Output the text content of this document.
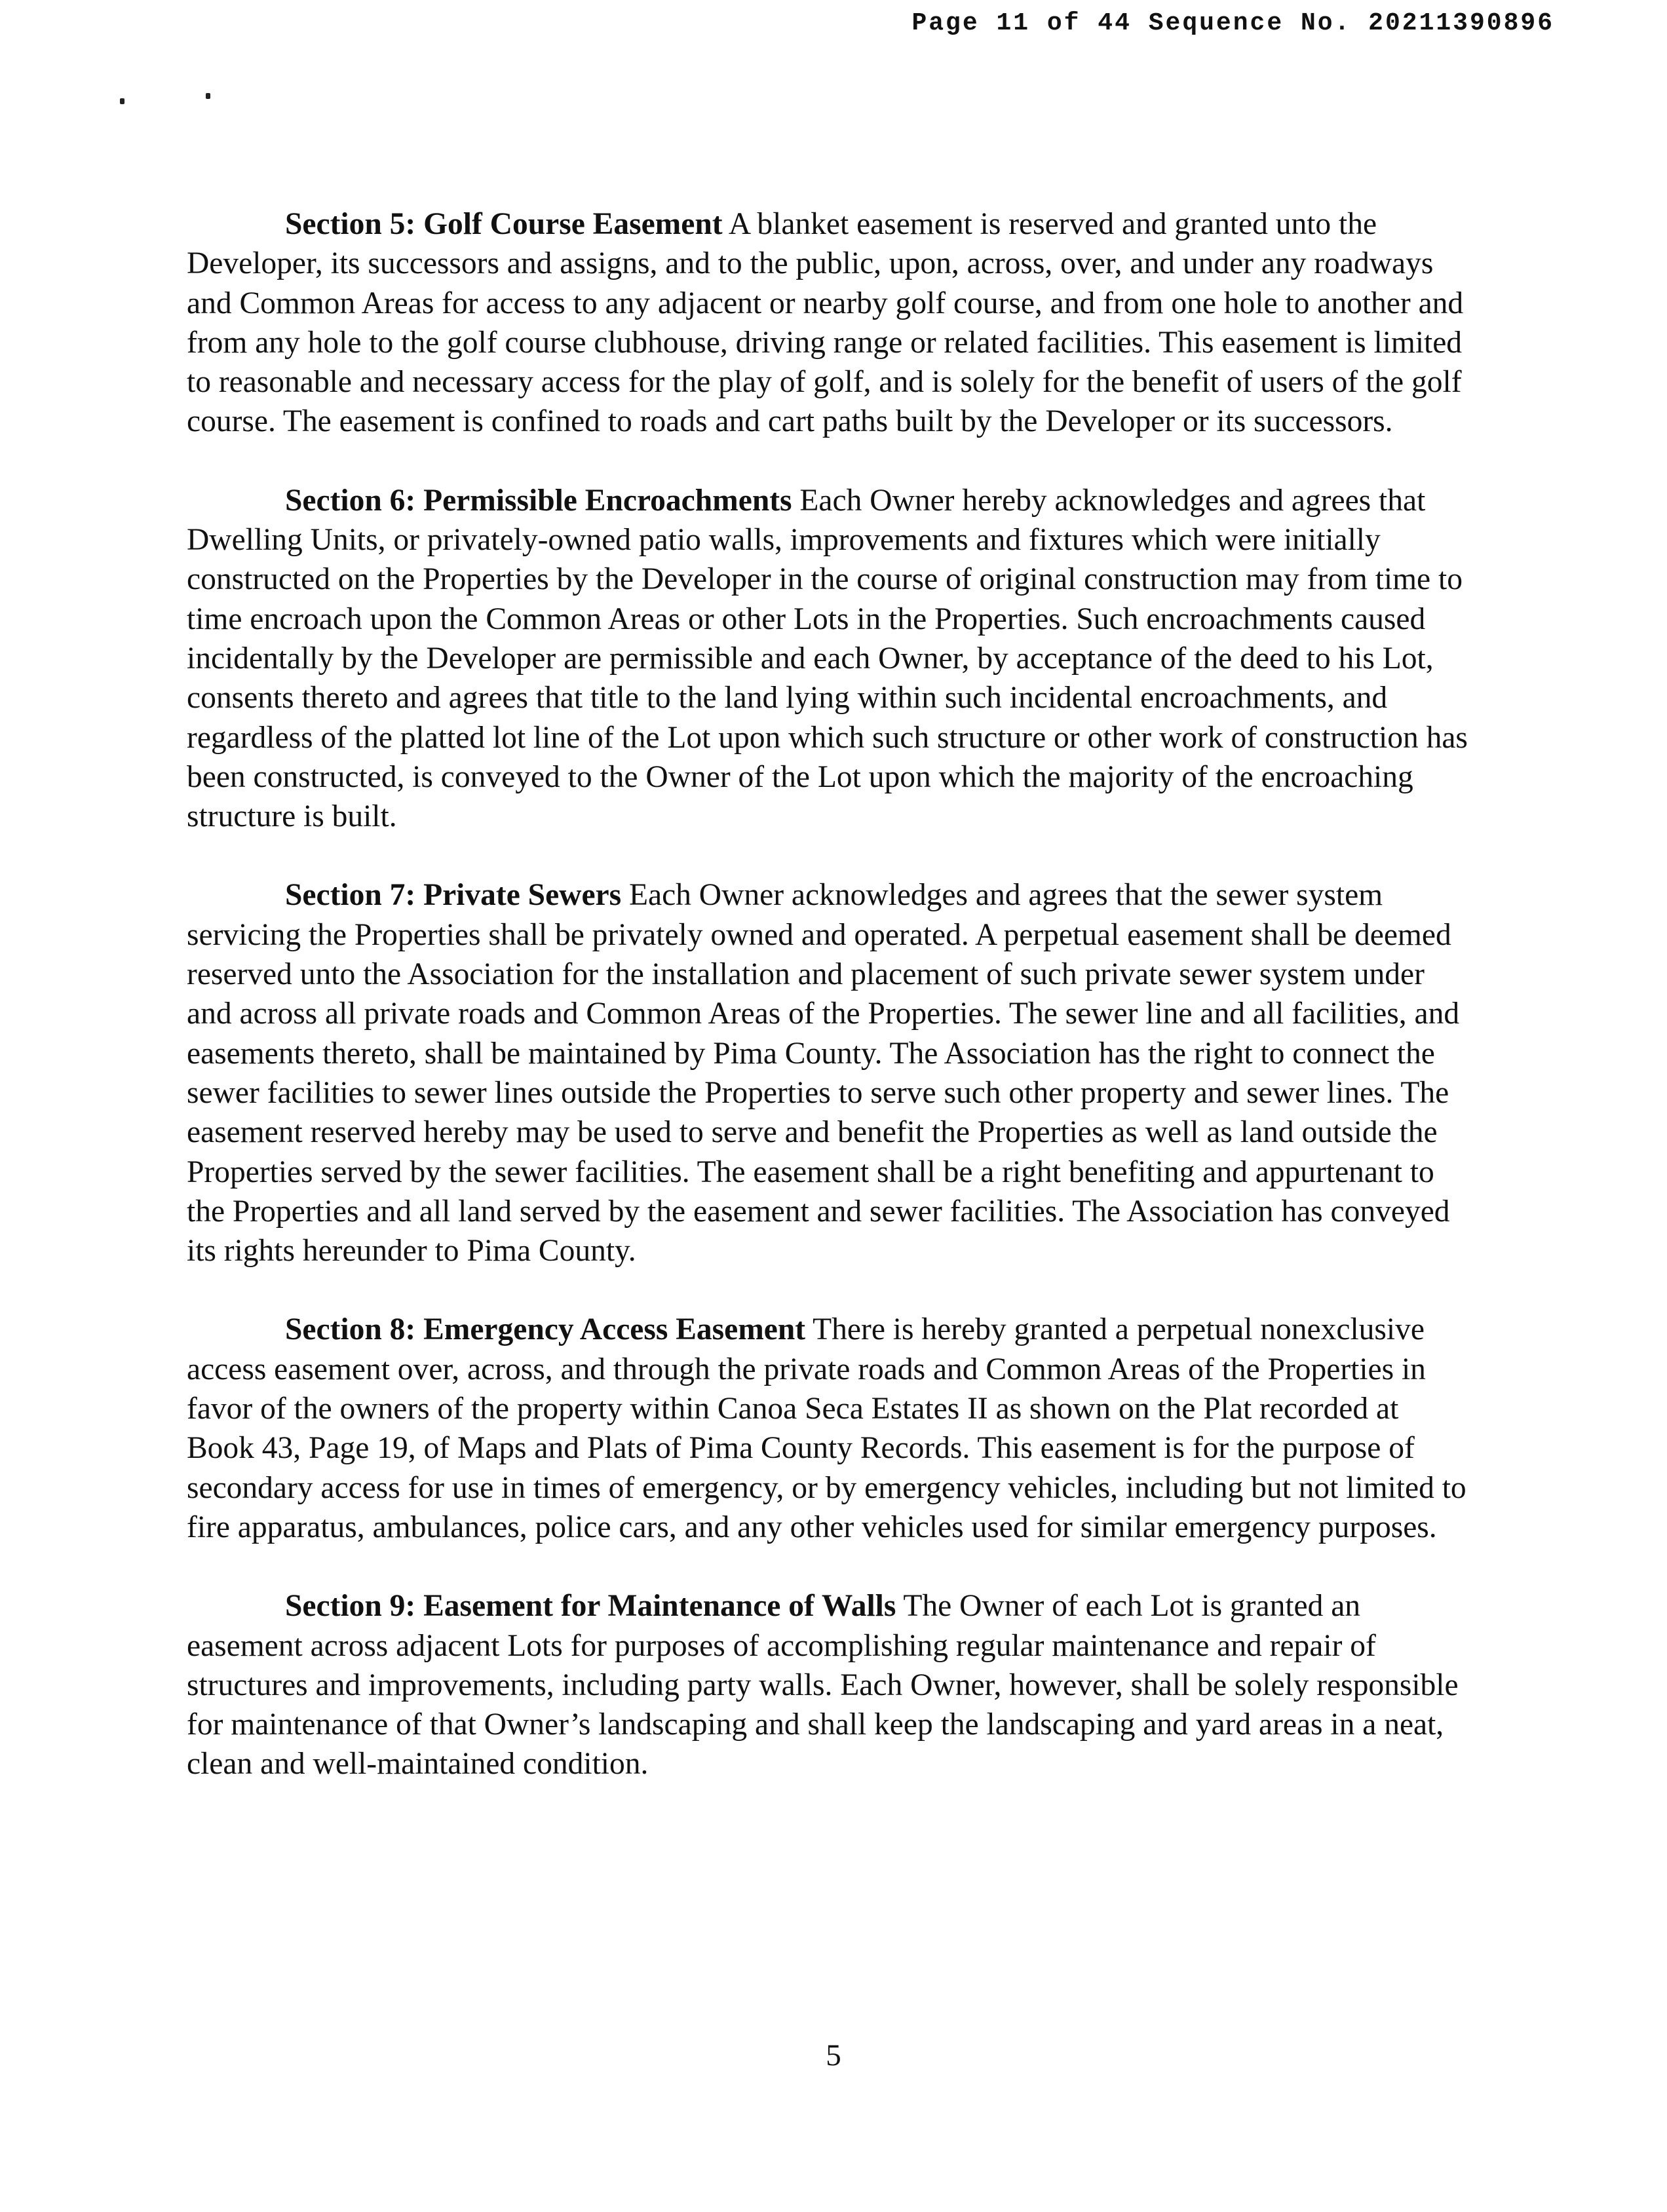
Page 11 of 44 Sequence No. 20211390896

Section 5: Golf Course Easement A blanket easement is reserved and granted unto the Developer, its successors and assigns, and to the public, upon, across, over, and under any roadways and Common Areas for access to any adjacent or nearby golf course, and from one hole to another and from any hole to the golf course clubhouse, driving range or related facilities. This easement is limited to reasonable and necessary access for the play of golf, and is solely for the benefit of users of the golf course. The easement is confined to roads and cart paths built by the Developer or its successors.

Section 6: Permissible Encroachments Each Owner hereby acknowledges and agrees that Dwelling Units, or privately-owned patio walls, improvements and fixtures which were initially constructed on the Properties by the Developer in the course of original construction may from time to time encroach upon the Common Areas or other Lots in the Properties. Such encroachments caused incidentally by the Developer are permissible and each Owner, by acceptance of the deed to his Lot, consents thereto and agrees that title to the land lying within such incidental encroachments, and regardless of the platted lot line of the Lot upon which such structure or other work of construction has been constructed, is conveyed to the Owner of the Lot upon which the majority of the encroaching structure is built.

Section 7: Private Sewers Each Owner acknowledges and agrees that the sewer system servicing the Properties shall be privately owned and operated. A perpetual easement shall be deemed reserved unto the Association for the installation and placement of such private sewer system under and across all private roads and Common Areas of the Properties. The sewer line and all facilities, and easements thereto, shall be maintained by Pima County. The Association has the right to connect the sewer facilities to sewer lines outside the Properties to serve such other property and sewer lines. The easement reserved hereby may be used to serve and benefit the Properties as well as land outside the Properties served by the sewer facilities. The easement shall be a right benefiting and appurtenant to the Properties and all land served by the easement and sewer facilities. The Association has conveyed its rights hereunder to Pima County.

Section 8: Emergency Access Easement There is hereby granted a perpetual nonexclusive access easement over, across, and through the private roads and Common Areas of the Properties in favor of the owners of the property within Canoa Seca Estates II as shown on the Plat recorded at Book 43, Page 19, of Maps and Plats of Pima County Records. This easement is for the purpose of secondary access for use in times of emergency, or by emergency vehicles, including but not limited to fire apparatus, ambulances, police cars, and any other vehicles used for similar emergency purposes.

Section 9: Easement for Maintenance of Walls The Owner of each Lot is granted an easement across adjacent Lots for purposes of accomplishing regular maintenance and repair of structures and improvements, including party walls. Each Owner, however, shall be solely responsible for maintenance of that Owner’s landscaping and shall keep the landscaping and yard areas in a neat, clean and well-maintained condition.

5
